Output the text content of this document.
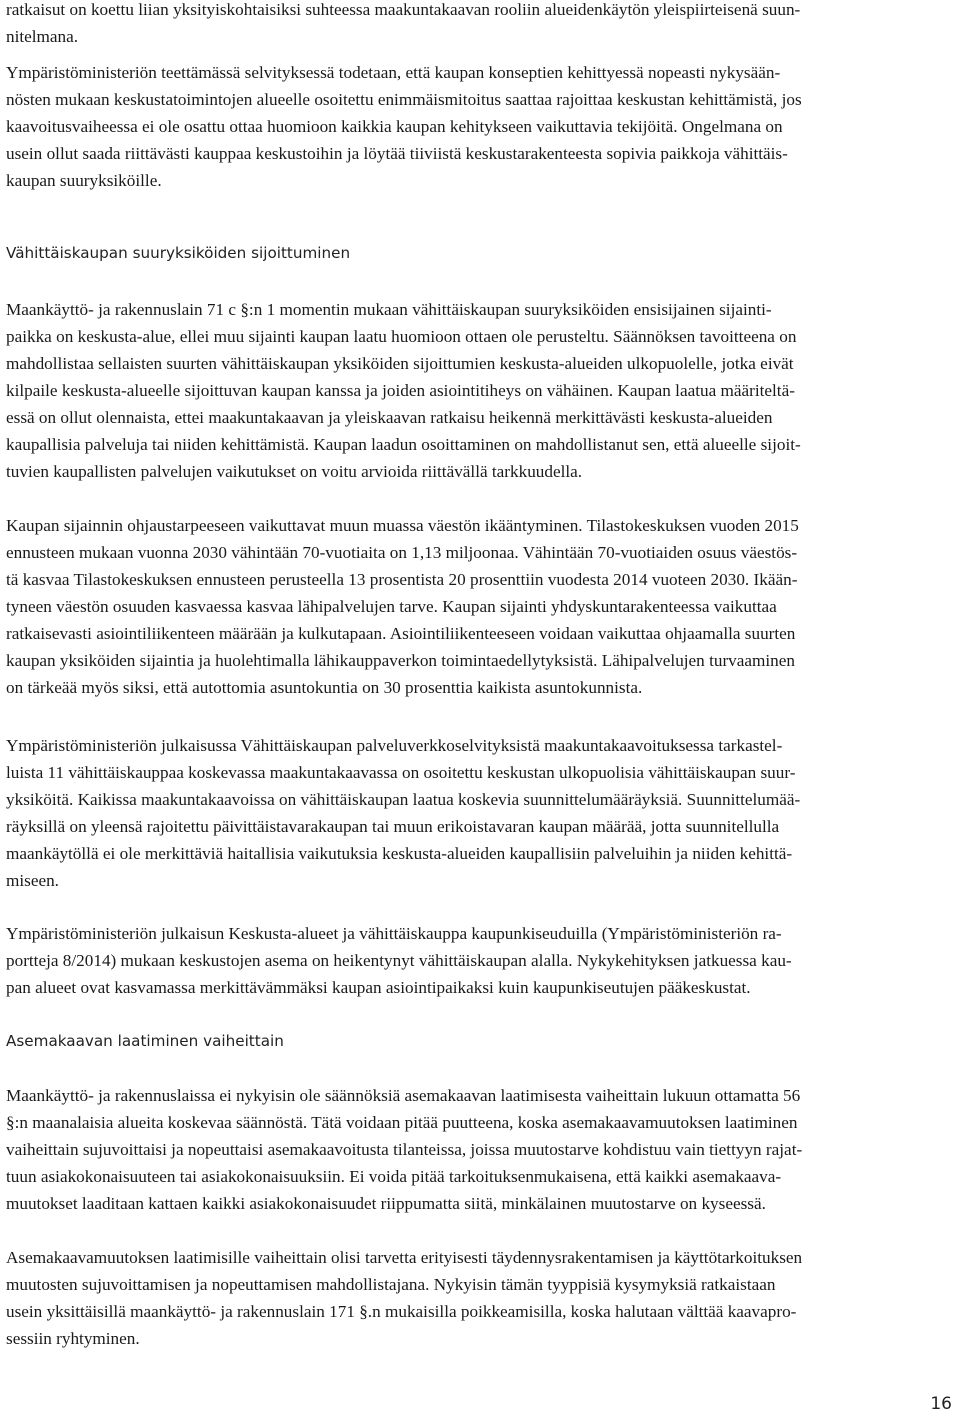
ratkaisut on koettu liian yksityiskohtaisiksi suhteessa maakuntakaavan rooliin alueidenkäytön yleispiirteisenä suun-
nitelmana.
Ympäristöministeriön teettämässä selvityksessä todetaan, että kaupan konseptien kehittyessä nopeasti nykysään-
nösten mukaan keskustatoimintojen alueelle osoitettu enimmäismitoitus saattaa rajoittaa keskustan kehittämistä, jos
kaavoitusvaiheessa ei ole osattu ottaa huomioon kaikkia kaupan kehitykseen vaikuttavia tekijöitä. Ongelmana on
usein ollut saada riittävästi kauppaa keskustoihin ja löytää tiiviistä keskustarakenteesta sopivia paikkoja vähittäis-
kaupan suuryksiköille.
Vähittäiskaupan suuryksiköiden sijoittuminen
Maankäyttö- ja rakennuslain 71 c §:n 1 momentin mukaan vähittäiskaupan suuryksiköiden ensisijainen sijainti-
paikka on keskusta-alue, ellei muu sijainti kaupan laatu huomioon ottaen ole perusteltu. Säännöksen tavoitteena on
mahdollistaa sellaisten suurten vähittäiskaupan yksiköiden sijoittumien keskusta-alueiden ulkopuolelle, jotka eivät
kilpaile keskusta-alueelle sijoittuvan kaupan kanssa ja joiden asiointitiheys on vähäinen. Kaupan laatua määriteltä-
essä on ollut olennaista, ettei maakuntakaavan ja yleiskaavan ratkaisu heikennä merkittävästi keskusta-alueiden
kaupallisia palveluja tai niiden kehittämistä. Kaupan laadun osoittaminen on mahdollistanut sen, että alueelle sijoit-
tuvien kaupallisten palvelujen vaikutukset on voitu arvioida riittävällä tarkkuudella.
Kaupan sijainnin ohjaustarpeeseen vaikuttavat muun muassa väestön ikääntyminen. Tilastokeskuksen vuoden 2015
ennusteen mukaan vuonna 2030 vähintään 70-vuotiaita on 1,13 miljoonaa. Vähintään 70-vuotiaiden osuus väestös-
tä kasvaa Tilastokeskuksen ennusteen perusteella 13 prosentista 20 prosenttiin vuodesta 2014 vuoteen 2030. Ikään-
tyneen väestön osuuden kasvaessa kasvaa lähipalvelujen tarve. Kaupan sijainti yhdyskuntarakenteessa vaikuttaa
ratkaisevasti asiointiliikenteen määrään ja kulkutapaan. Asiointiliikenteeseen voidaan vaikuttaa ohjaamalla suurten
kaupan yksiköiden sijaintia ja huolehtimalla lähikauppaverkon toimintaedellytyksistä. Lähipalvelujen turvaaminen
on tärkeää myös siksi, että autottomia asuntokuntia on 30 prosenttia kaikista asuntokunnista.
Ympäristöministeriön julkaisussa Vähittäiskaupan palveluverkkoselvityksistä maakuntakaavoituksessa tarkastel-
luista 11 vähittäiskauppaa koskevassa maakuntakaavassa on osoitettu keskustan ulkopuolisia vähittäiskaupan suur-
yksiköitä. Kaikissa maakuntakaavoissa on vähittäiskaupan laatua koskevia suunnittelumääräyksiä. Suunnittelumää-
räyksillä on yleensä rajoitettu päivittäistavarakaupan tai muun erikoistavaran kaupan määrää, jotta suunnitellulla
maankäytöllä ei ole merkittäviä haitallisia vaikutuksia keskusta-alueiden kaupallisiin palveluihin ja niiden kehittä-
miseen.
Ympäristöministeriön julkaisun Keskusta-alueet ja vähittäiskauppa kaupunkiseuduilla (Ympäristöministeriön ra-
portteja 8/2014) mukaan keskustojen asema on heikentynyt vähittäiskaupan alalla. Nykykehityksen jatkuessa kau-
pan alueet ovat kasvamassa merkittävämmäksi kaupan asiointipaikaksi kuin kaupunkiseutujen pääkeskustat.
Asemakaavan laatiminen vaiheittain
Maankäyttö- ja rakennuslaissa ei nykyisin ole säännöksiä asemakaavan laatimisesta vaiheittain lukuun ottamatta 56
§:n maanalaisia alueita koskevaa säännöstä. Tätä voidaan pitää puutteena, koska asemakaavamuutoksen laatiminen
vaiheittain sujuvoittaisi ja nopeuttaisi asemakaavoitusta tilanteissa, joissa muutostarve kohdistuu vain tiettyyn rajat-
tuun asiakokonaisuuteen tai asiakokonaisuuksiin. Ei voida pitää tarkoituksenmukaisena, että kaikki asemakaava-
muutokset laaditaan kattaen kaikki asiakokonaisuudet riippumatta siitä, minkälainen muutostarve on kyseessä.
Asemakaavamuutoksen laatimisille vaiheittain olisi tarvetta erityisesti täydennysrakentamisen ja käyttötarkoituksen
muutosten sujuvoittamisen ja nopeuttamisen mahdollistajana. Nykyisin tämän tyyppisiä kysymyksiä ratkaistaan
usein yksittäisillä maankäyttö- ja rakennuslain 171 §.n mukaisilla poikkeamisilla, koska halutaan välttää kaavapro-
sessiin ryhtyminen.
16
